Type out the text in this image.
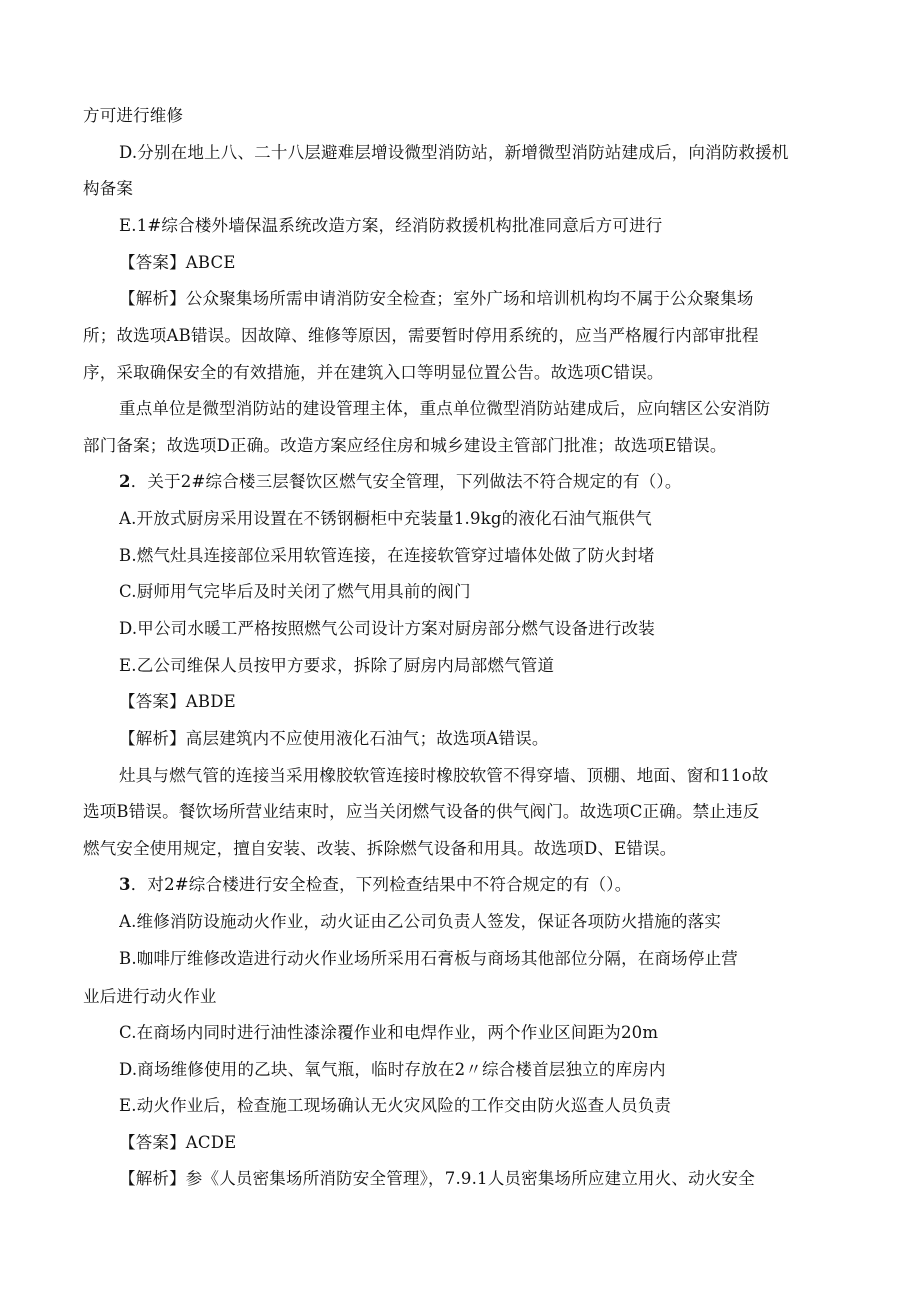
方可进行维修
D.分别在地上八、二十八层避难层增设微型消防站，新增微型消防站建成后，向消防救援机
构备案
E.1#综合楼外墙保温系统改造方案，经消防救援机构批准同意后方可进行
【答案】ABCE
【解析】公众聚集场所需申请消防安全检查；室外广场和培训机构均不属于公众聚集场
所；故选项AB错误。因故障、维修等原因，需要暂时停用系统的，应当严格履行内部审批程
序，采取确保安全的有效措施，并在建筑入口等明显位置公告。故选项C错误。
重点单位是微型消防站的建设管理主体，重点单位微型消防站建成后，应向辖区公安消防
部门备案；故选项D正确。改造方案应经住房和城乡建设主管部门批准；故选项E错误。
2．关于2#综合楼三层餐饮区燃气安全管理，下列做法不符合规定的有（）。
A.开放式厨房采用设置在不锈钢橱柜中充装量1.9kg的液化石油气瓶供气
B.燃气灶具连接部位采用软管连接，在连接软管穿过墙体处做了防火封堵
C.厨师用气完毕后及时关闭了燃气用具前的阀门
D.甲公司水暖工严格按照燃气公司设计方案对厨房部分燃气设备进行改装
E.乙公司维保人员按甲方要求，拆除了厨房内局部燃气管道
【答案】ABDE
【解析】高层建筑内不应使用液化石油气；故选项A错误。
灶具与燃气管的连接当采用橡胶软管连接时橡胶软管不得穿墙、顶棚、地面、窗和11o故
选项B错误。餐饮场所营业结束时，应当关闭燃气设备的供气阀门。故选项C正确。禁止违反
燃气安全使用规定，擅自安装、改装、拆除燃气设备和用具。故选项D、E错误。
3．对2#综合楼进行安全检查，下列检查结果中不符合规定的有（）。
A.维修消防设施动火作业，动火证由乙公司负责人签发，保证各项防火措施的落实
B.咖啡厅维修改造进行动火作业场所采用石膏板与商场其他部位分隔，在商场停止营
业后进行动火作业
C.在商场内同时进行油性漆涂覆作业和电焊作业，两个作业区间距为20m
D.商场维修使用的乙块、氧气瓶，临时存放在2〃综合楼首层独立的库房内
E.动火作业后，检查施工现场确认无火灾风险的工作交由防火巡查人员负责
【答案】ACDE
【解析】参《人员密集场所消防安全管理》，7.9.1人员密集场所应建立用火、动火安全
